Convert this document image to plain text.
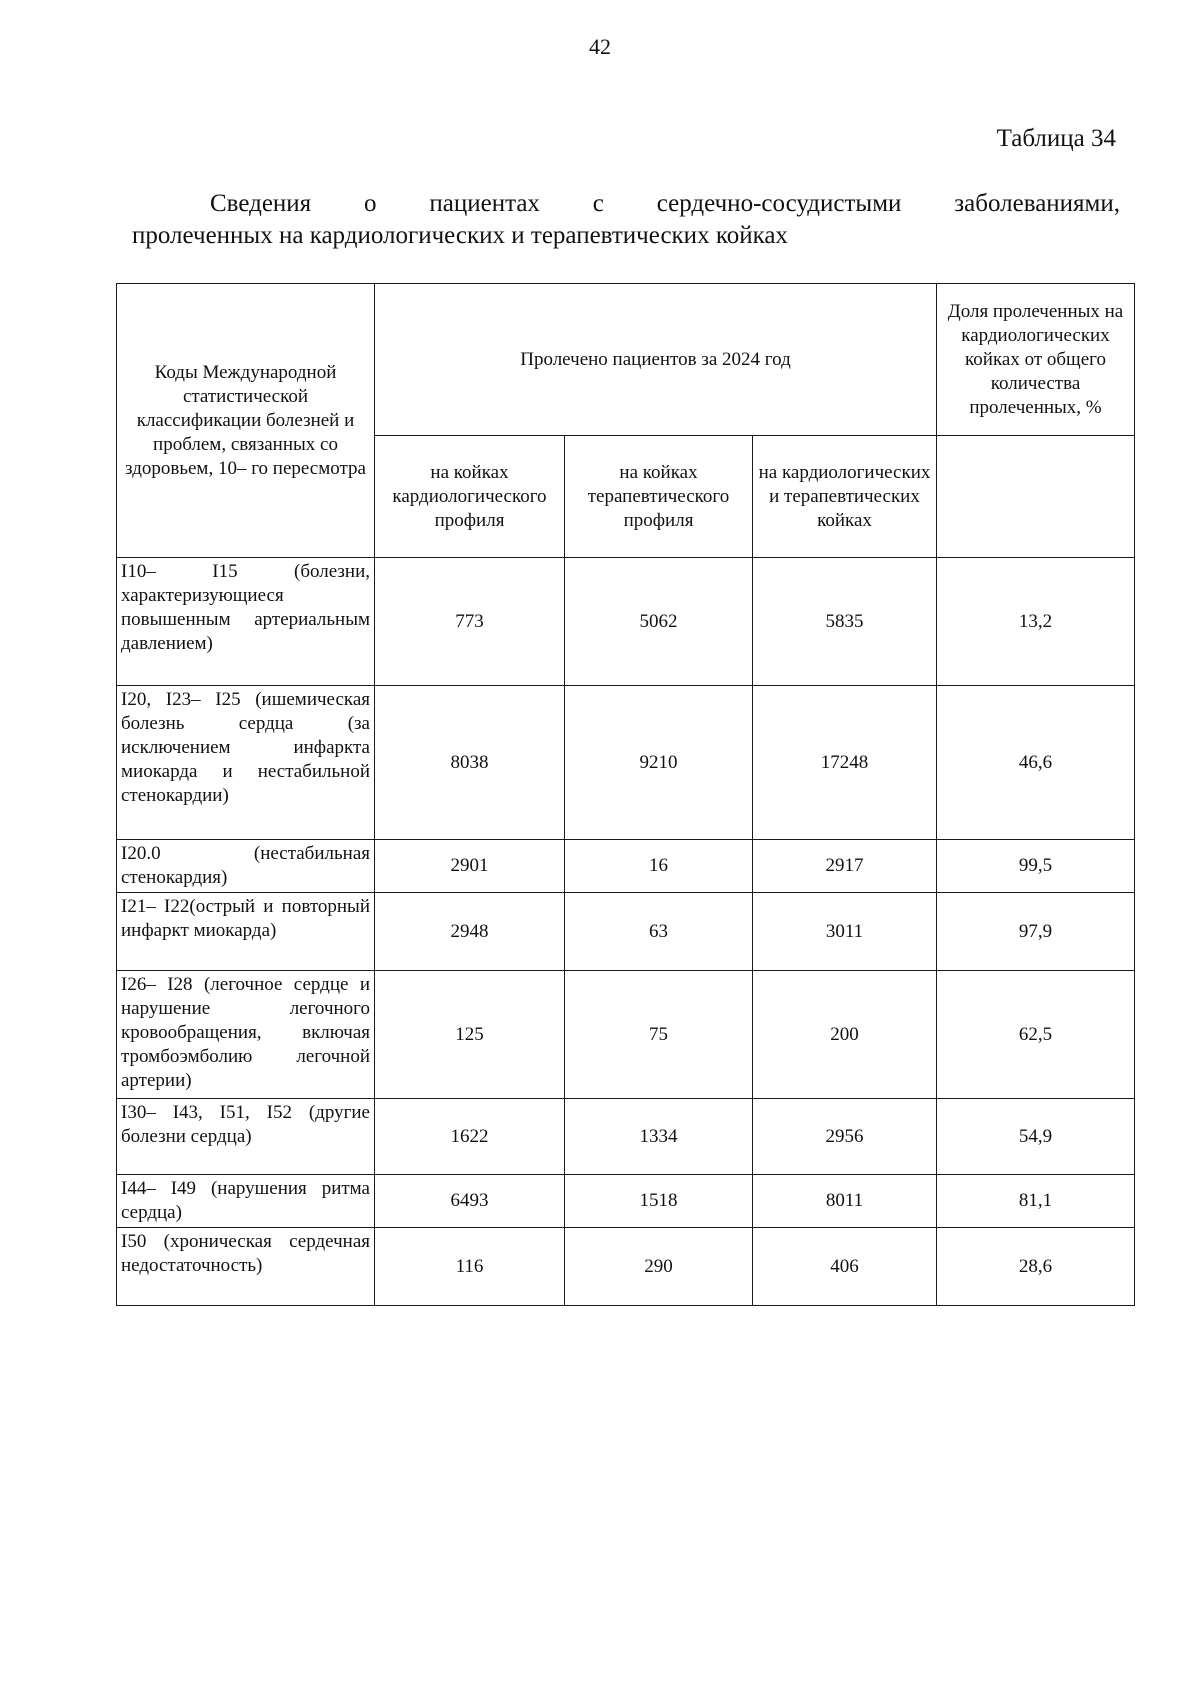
42
Таблица 34
Сведения о пациентах с сердечно-сосудистыми заболеваниями,
пролеченных на кардиологических и терапевтических койках
Коды Международной статистической классификации болезней и проблем, связанных со здоровьем, 10– го пересмотра	Пролечено пациентов за 2024 год			Доля пролеченных на кардиологических койках от общего количества пролеченных, %
	на койках кардиологического профиля	на койках терапевтического профиля	на кардиологических и терапевтических койках	
I10– I15 (болезни, характеризующиеся повышенным артериальным давлением)	773	5062	5835	13,2
I20, I23– I25 (ишемическая болезнь сердца (за исключением инфаркта миокарда и нестабильной стенокардии)	8038	9210	17248	46,6
I20.0 (нестабильная стенокардия)	2901	16	2917	99,5
I21– I22(острый и повторный инфаркт миокарда)	2948	63	3011	97,9
I26– I28 (легочное сердце и нарушение легочного кровообращения, включая тромбоэмболию легочной артерии)	125	75	200	62,5
I30– I43, I51, I52 (другие болезни сердца)	1622	1334	2956	54,9
I44– I49 (нарушения ритма сердца)	6493	1518	8011	81,1
I50 (хроническая сердечная недостаточность)	116	290	406	28,6
